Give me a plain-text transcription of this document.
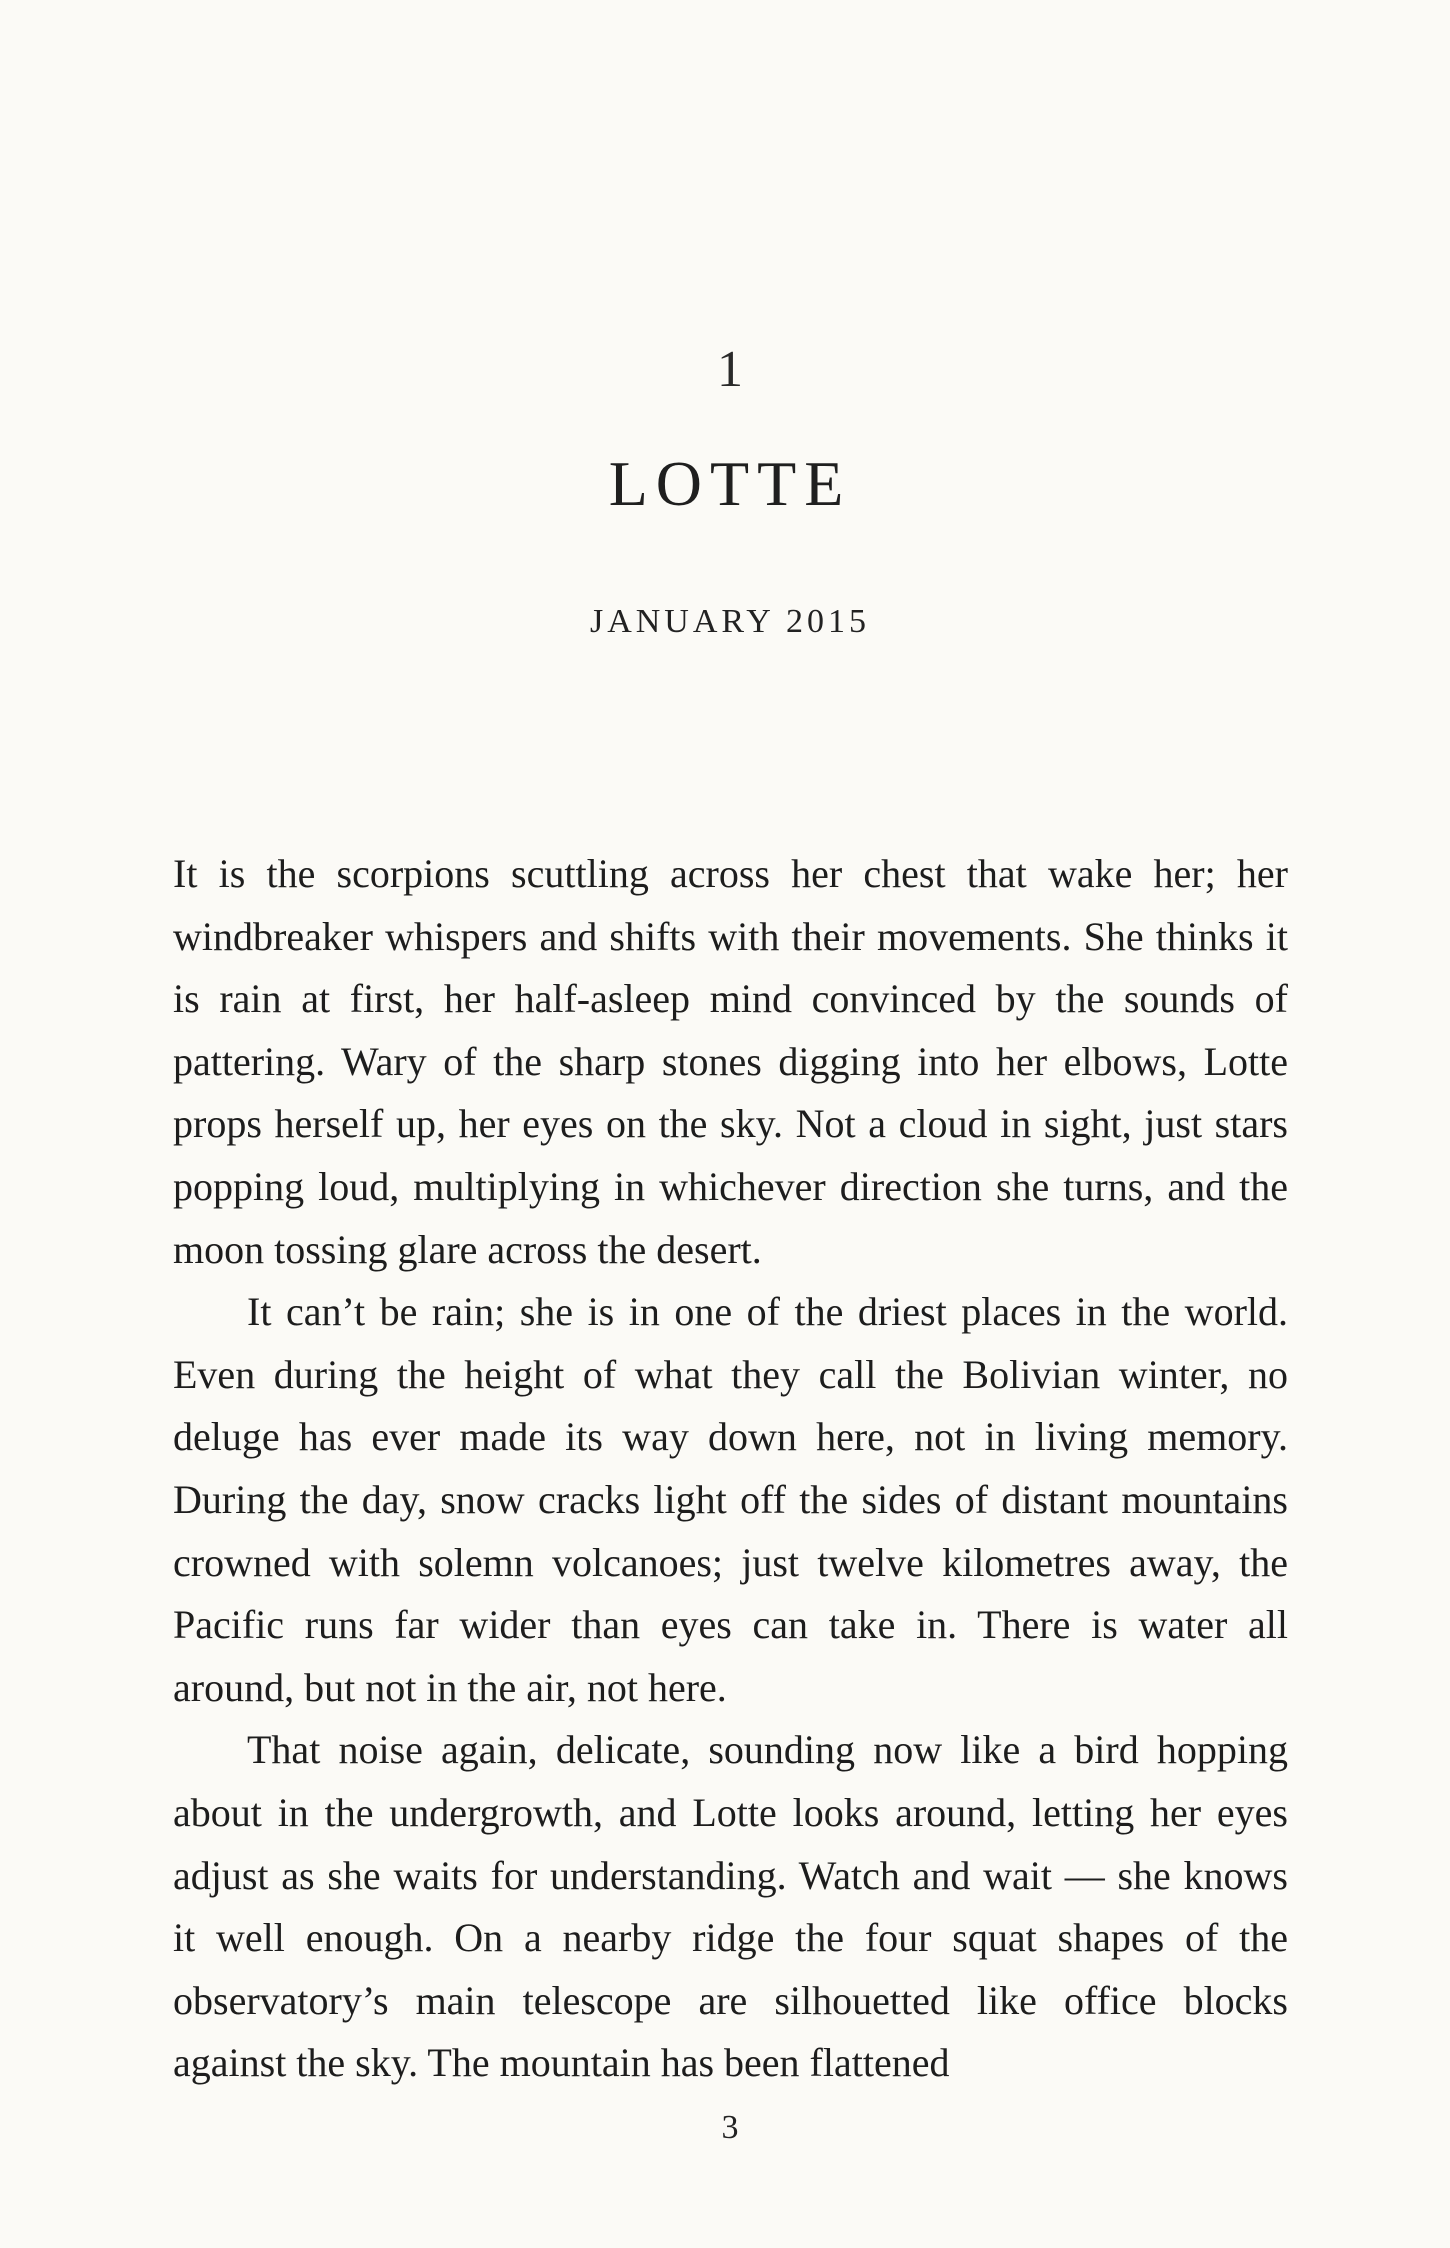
1
LOTTE
JANUARY 2015

It is the scorpions scuttling across her chest that wake her; her windbreaker whispers and shifts with their movements. She thinks it is rain at first, her half-asleep mind convinced by the sounds of pattering. Wary of the sharp stones digging into her elbows, Lotte props herself up, her eyes on the sky. Not a cloud in sight, just stars popping loud, multiplying in whichever direction she turns, and the moon tossing glare across the desert.

It can’t be rain; she is in one of the driest places in the world. Even during the height of what they call the Bolivian winter, no deluge has ever made its way down here, not in living memory. During the day, snow cracks light off the sides of distant mountains crowned with solemn volcanoes; just twelve kilometres away, the Pacific runs far wider than eyes can take in. There is water all around, but not in the air, not here.

That noise again, delicate, sounding now like a bird hopping about in the undergrowth, and Lotte looks around, letting her eyes adjust as she waits for understanding. Watch and wait — she knows it well enough. On a nearby ridge the four squat shapes of the observatory’s main telescope are silhouetted like office blocks against the sky. The mountain has been flattened

3
